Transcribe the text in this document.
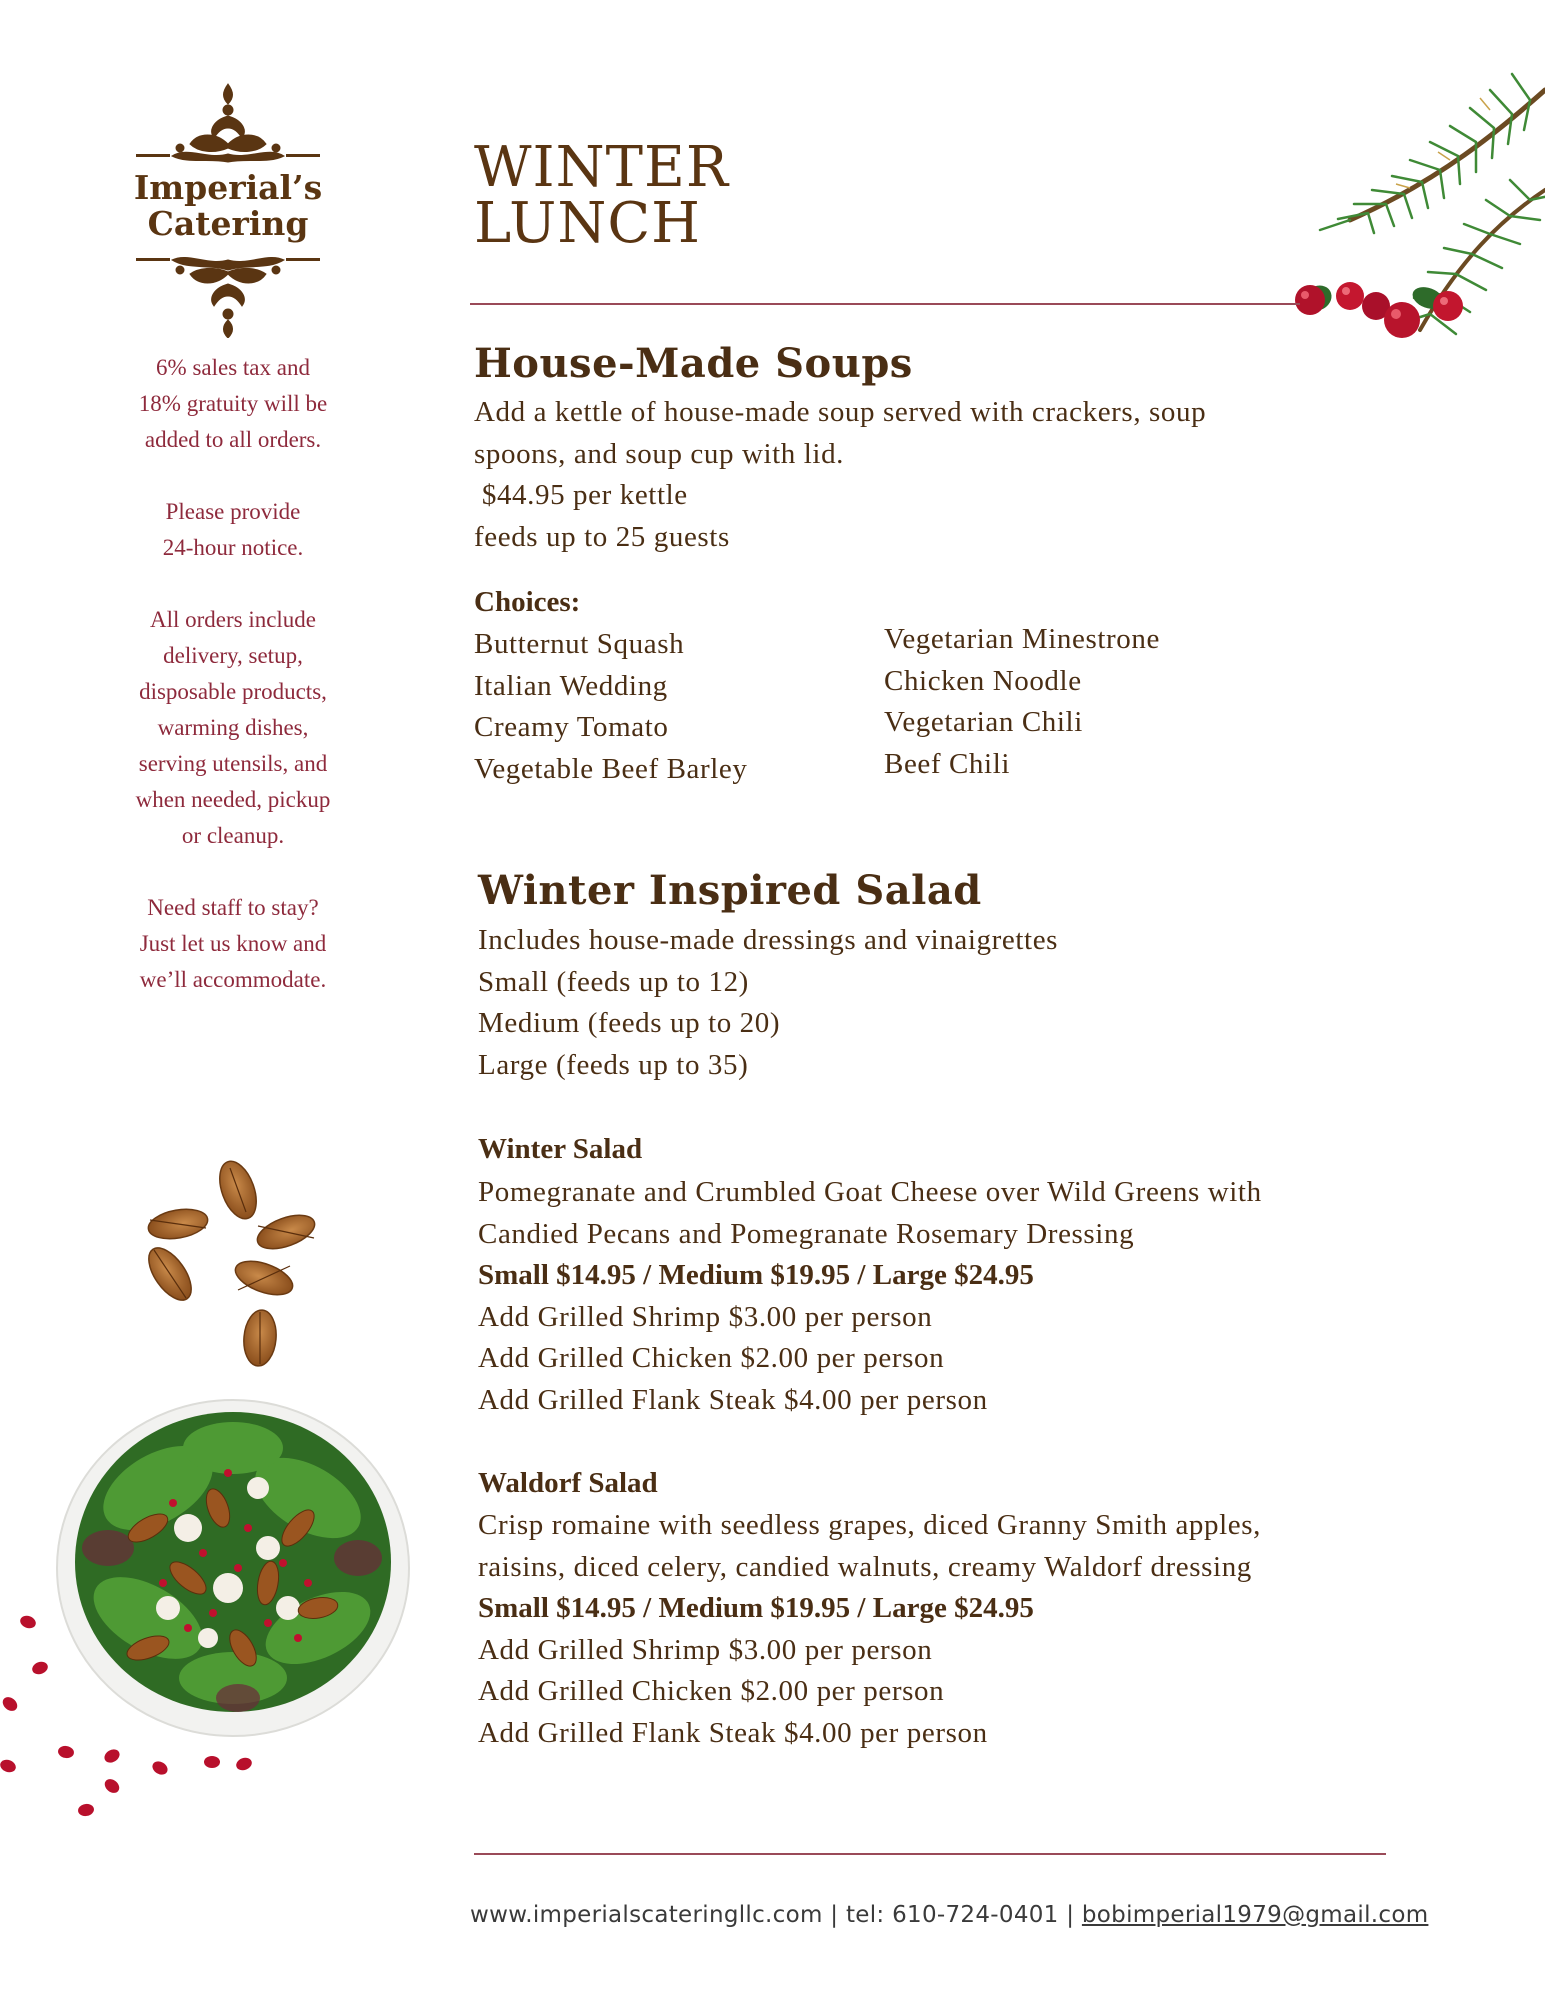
Imperial’s
Catering

6% sales tax and
18% gratuity will be
added to all orders.

Please provide
24-hour notice.

All orders include
delivery, setup,
disposable products,
warming dishes,
serving utensils, and
when needed, pickup
or cleanup.

Need staff to stay?
Just let us know and
we’ll accommodate.

WINTER
LUNCH
House-Made Soups
Add a kettle of house-made soup served with crackers, soup
spoons, and soup cup with lid.
$44.95 per kettle
feeds up to 25 guests
Choices:
Butternut Squash
Italian Wedding
Creamy Tomato
Vegetable Beef Barley
Vegetarian Minestrone
Chicken Noodle
Vegetarian Chili
Beef Chili
Winter Inspired Salad
Includes house-made dressings and vinaigrettes
Small (feeds up to 12)
Medium (feeds up to 20)
Large (feeds up to 35)
Winter Salad
Pomegranate and Crumbled Goat Cheese over Wild Greens with
Candied Pecans and Pomegranate Rosemary Dressing
Small $14.95 / Medium $19.95 / Large $24.95
Add Grilled Shrimp $3.00 per person
Add Grilled Chicken $2.00 per person
Add Grilled Flank Steak $4.00 per person
Waldorf Salad
Crisp romaine with seedless grapes, diced Granny Smith apples,
raisins, diced celery, candied walnuts, creamy Waldorf dressing
Small $14.95 / Medium $19.95 / Large $24.95
Add Grilled Shrimp $3.00 per person
Add Grilled Chicken $2.00 per person
Add Grilled Flank Steak $4.00 per person
www.imperialscateringllc.com | tel: 610-724-0401 | bobimperial1979@gmail.com
